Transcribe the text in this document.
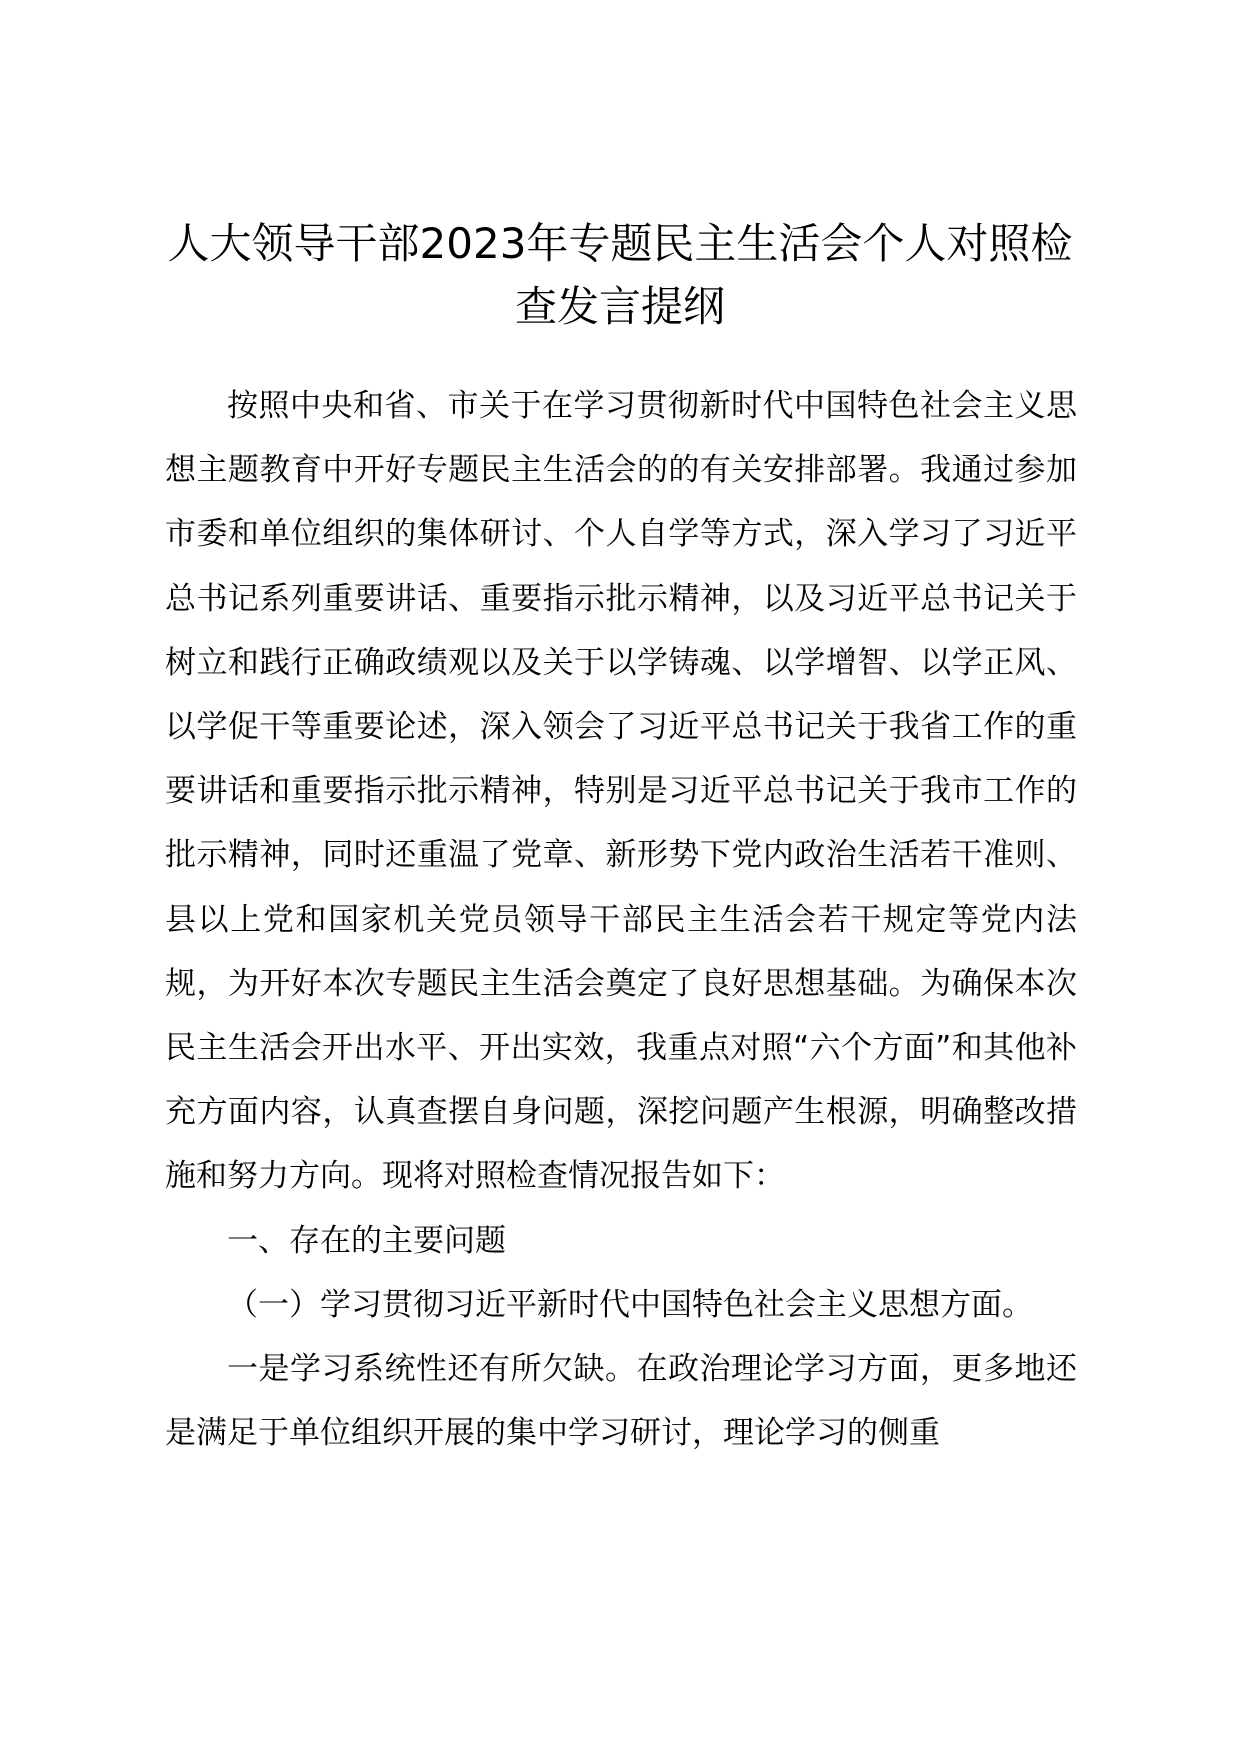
人大领导干部2023年专题民主生活会个人对照检查发言提纲

按照中央和省、市关于在学习贯彻新时代中国特色社会主义思想主题教育中开好专题民主生活会的的有关安排部署。我通过参加市委和单位组织的集体研讨、个人自学等方式，深入学习了习近平总书记系列重要讲话、重要指示批示精神，以及习近平总书记关于树立和践行正确政绩观以及关于以学铸魂、以学增智、以学正风、以学促干等重要论述，深入领会了习近平总书记关于我省工作的重要讲话和重要指示批示精神，特别是习近平总书记关于我市工作的批示精神，同时还重温了党章、新形势下党内政治生活若干准则、县以上党和国家机关党员领导干部民主生活会若干规定等党内法规，为开好本次专题民主生活会奠定了良好思想基础。为确保本次民主生活会开出水平、开出实效，我重点对照“六个方面”和其他补充方面内容，认真查摆自身问题，深挖问题产生根源，明确整改措施和努力方向。现将对照检查情况报告如下：

一、存在的主要问题

（一）学习贯彻习近平新时代中国特色社会主义思想方面。

一是学习系统性还有所欠缺。在政治理论学习方面，更多地还是满足于单位组织开展的集中学习研讨，理论学习的侧重
